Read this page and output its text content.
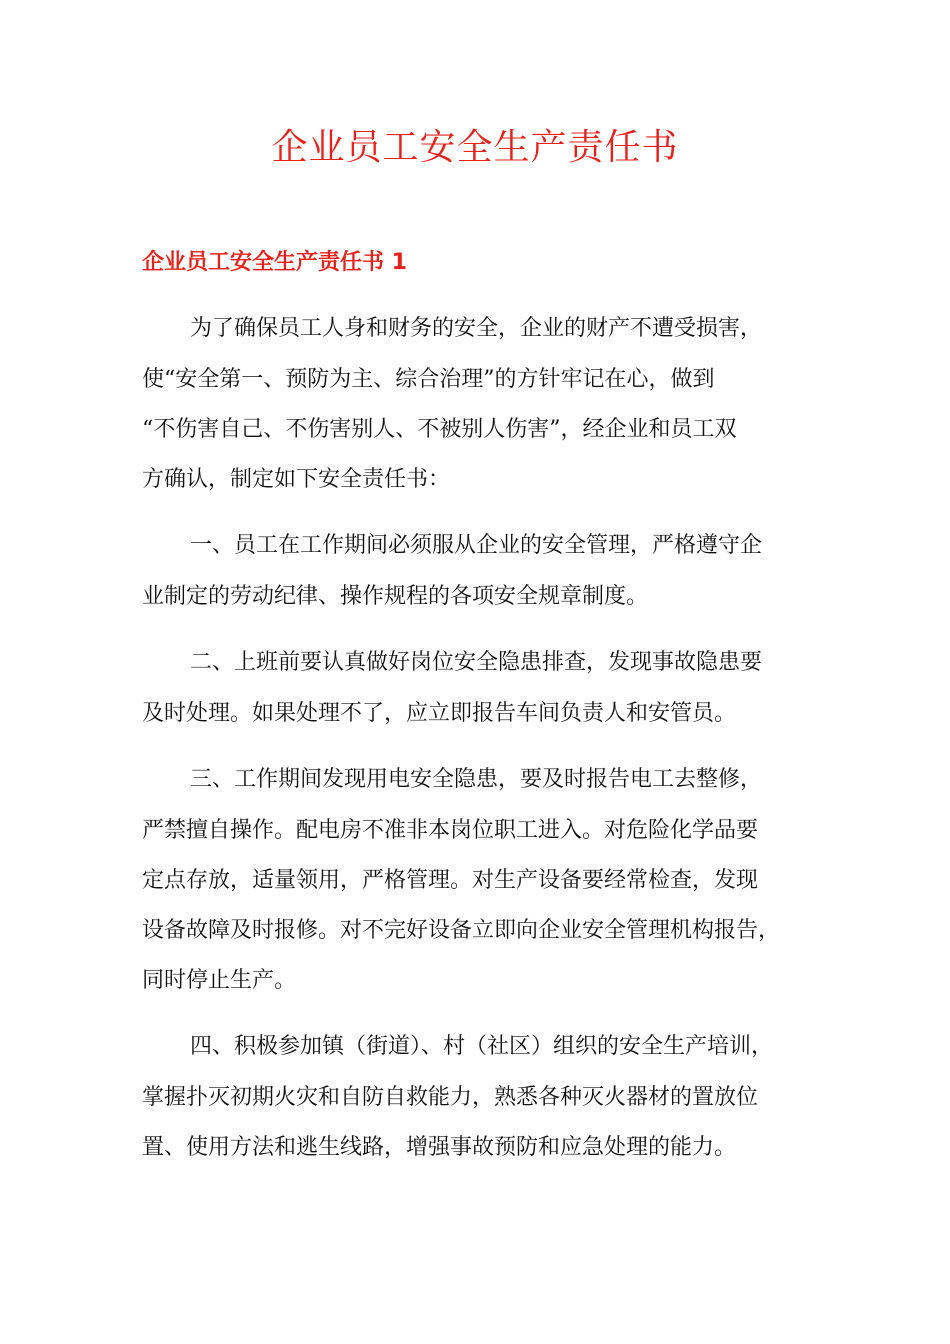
企业员工安全生产责任书
企业员工安全生产责任书 1
为了确保员工人身和财务的安全，企业的财产不遭受损害，
使“安全第一、预防为主、综合治理”的方针牢记在心，做到
“不伤害自己、不伤害别人、不被别人伤害”，经企业和员工双
方确认，制定如下安全责任书：
一、员工在工作期间必须服从企业的安全管理，严格遵守企
业制定的劳动纪律、操作规程的各项安全规章制度。
二、上班前要认真做好岗位安全隐患排查，发现事故隐患要
及时处理。如果处理不了，应立即报告车间负责人和安管员。
三、工作期间发现用电安全隐患，要及时报告电工去整修，
严禁擅自操作。配电房不准非本岗位职工进入。对危险化学品要
定点存放，适量领用，严格管理。对生产设备要经常检查，发现
设备故障及时报修。对不完好设备立即向企业安全管理机构报告，
同时停止生产。
四、积极参加镇（街道）、村（社区）组织的安全生产培训，
掌握扑灭初期火灾和自防自救能力，熟悉各种灭火器材的置放位
置、使用方法和逃生线路，增强事故预防和应急处理的能力。
